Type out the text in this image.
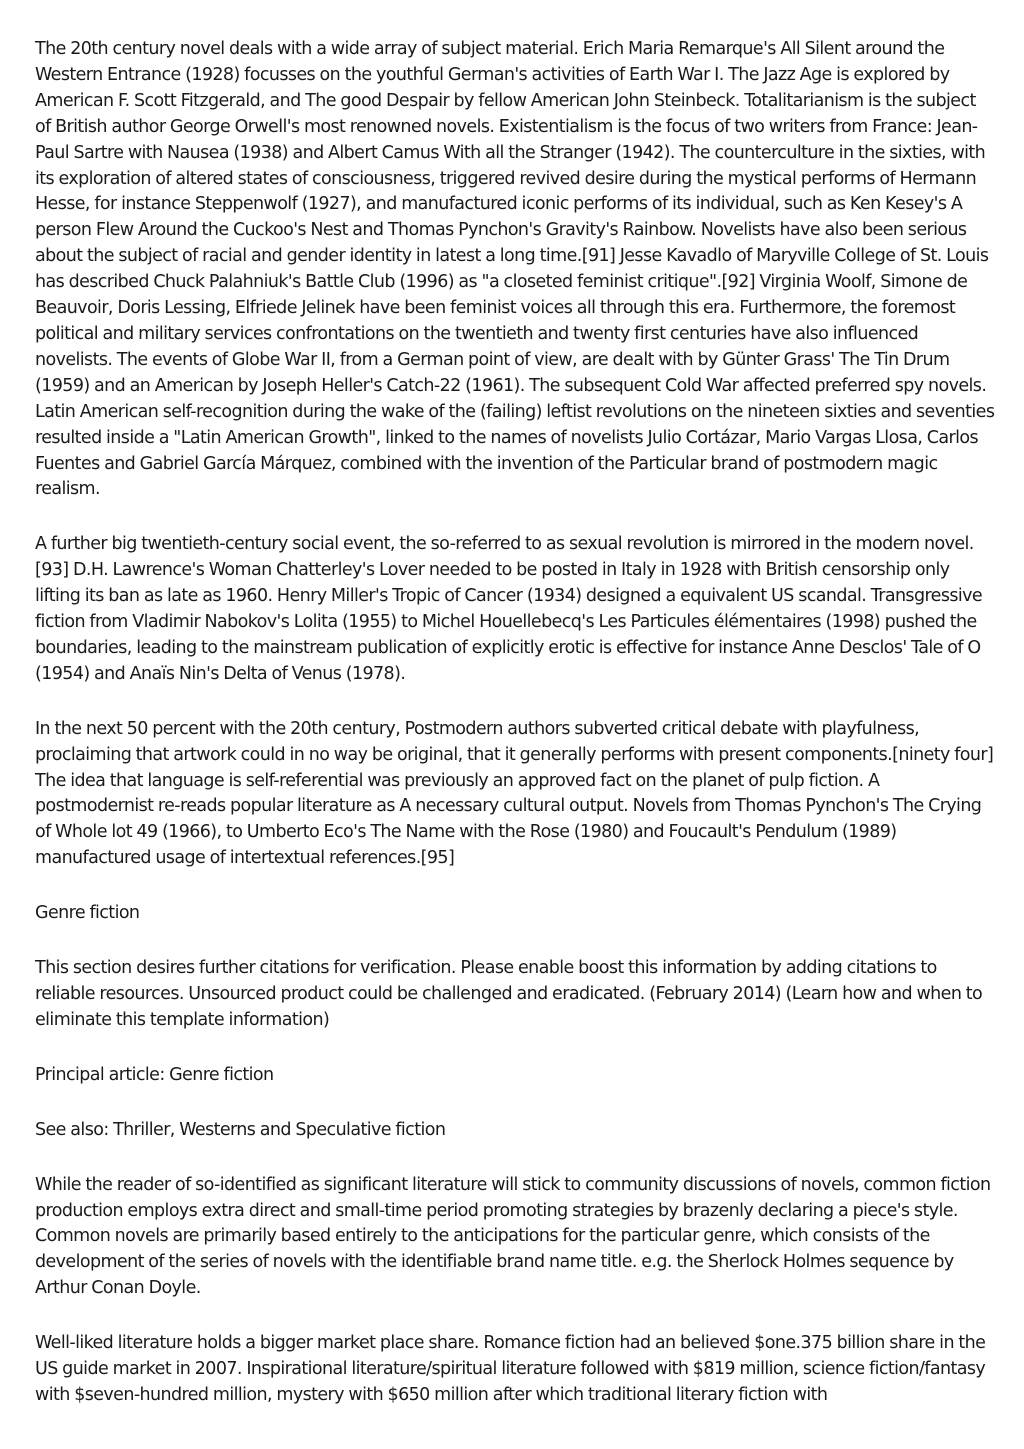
The 20th century novel deals with a wide array of subject material. Erich Maria Remarque's All Silent around the Western Entrance (1928) focusses on the youthful German's activities of Earth War I. The Jazz Age is explored by American F. Scott Fitzgerald, and The good Despair by fellow American John Steinbeck. Totalitarianism is the subject of British author George Orwell's most renowned novels. Existentialism is the focus of two writers from France: Jean-Paul Sartre with Nausea (1938) and Albert Camus With all the Stranger (1942). The counterculture in the sixties, with its exploration of altered states of consciousness, triggered revived desire during the mystical performs of Hermann Hesse, for instance Steppenwolf (1927), and manufactured iconic performs of its individual, such as Ken Kesey's A person Flew Around the Cuckoo's Nest and Thomas Pynchon's Gravity's Rainbow. Novelists have also been serious about the subject of racial and gender identity in latest a long time.[91] Jesse Kavadlo of Maryville College of St. Louis has described Chuck Palahniuk's Battle Club (1996) as "a closeted feminist critique".[92] Virginia Woolf, Simone de Beauvoir, Doris Lessing, Elfriede Jelinek have been feminist voices all through this era. Furthermore, the foremost political and military services confrontations on the twentieth and twenty first centuries have also influenced novelists. The events of Globe War II, from a German point of view, are dealt with by Günter Grass' The Tin Drum (1959) and an American by Joseph Heller's Catch-22 (1961). The subsequent Cold War affected preferred spy novels. Latin American self-recognition during the wake of the (failing) leftist revolutions on the nineteen sixties and seventies resulted inside a "Latin American Growth", linked to the names of novelists Julio Cortázar, Mario Vargas Llosa, Carlos Fuentes and Gabriel García Márquez, combined with the invention of the Particular brand of postmodern magic realism.

A further big twentieth-century social event, the so-referred to as sexual revolution is mirrored in the modern novel.[93] D.H. Lawrence's Woman Chatterley's Lover needed to be posted in Italy in 1928 with British censorship only lifting its ban as late as 1960. Henry Miller's Tropic of Cancer (1934) designed a equivalent US scandal. Transgressive fiction from Vladimir Nabokov's Lolita (1955) to Michel Houellebecq's Les Particules élémentaires (1998) pushed the boundaries, leading to the mainstream publication of explicitly erotic is effective for instance Anne Desclos' Tale of O (1954) and Anaïs Nin's Delta of Venus (1978).

In the next 50 percent with the 20th century, Postmodern authors subverted critical debate with playfulness, proclaiming that artwork could in no way be original, that it generally performs with present components.[ninety four] The idea that language is self-referential was previously an approved fact on the planet of pulp fiction. A postmodernist re-reads popular literature as A necessary cultural output. Novels from Thomas Pynchon's The Crying of Whole lot 49 (1966), to Umberto Eco's The Name with the Rose (1980) and Foucault's Pendulum (1989) manufactured usage of intertextual references.[95]

Genre fiction

This section desires further citations for verification. Please enable boost this information by adding citations to reliable resources. Unsourced product could be challenged and eradicated. (February 2014) (Learn how and when to eliminate this template information)

Principal article: Genre fiction

See also: Thriller, Westerns and Speculative fiction

While the reader of so-identified as significant literature will stick to community discussions of novels, common fiction production employs extra direct and small-time period promoting strategies by brazenly declaring a piece's style. Common novels are primarily based entirely to the anticipations for the particular genre, which consists of the development of the series of novels with the identifiable brand name title. e.g. the Sherlock Holmes sequence by Arthur Conan Doyle.

Well-liked literature holds a bigger market place share. Romance fiction had an believed $one.375 billion share in the US guide market in 2007. Inspirational literature/spiritual literature followed with $819 million, science fiction/fantasy with $seven-hundred million, mystery with $650 million after which traditional literary fiction with
